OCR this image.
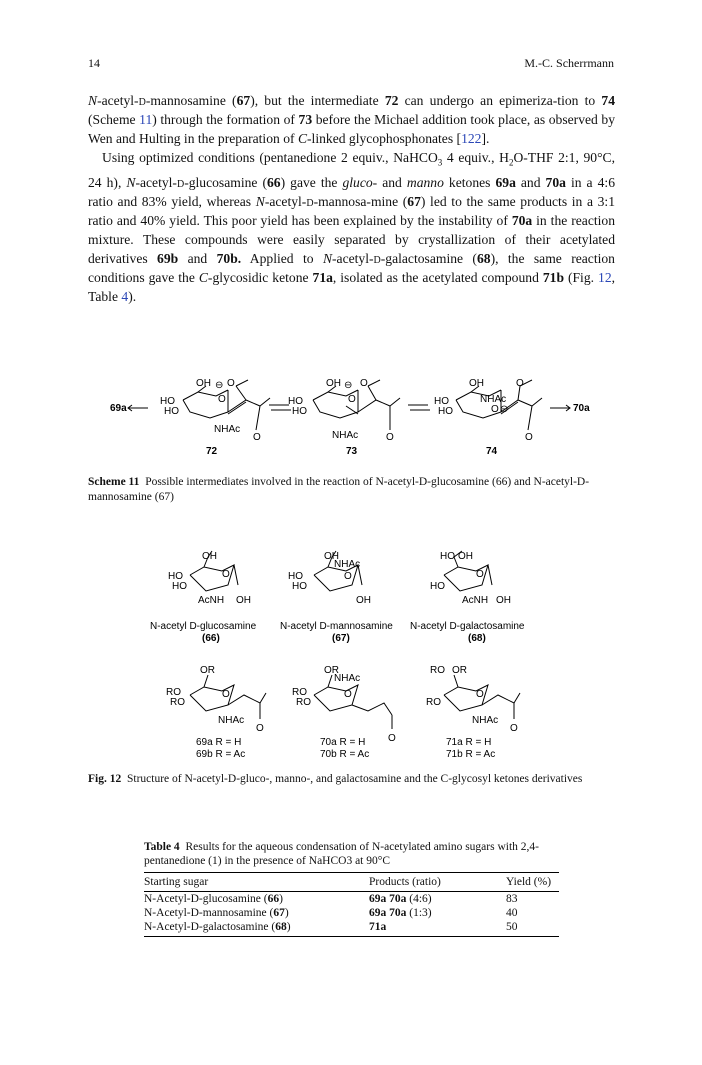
14	M.-C. Scherrmann

N-acetyl-d-mannosamine (67), but the intermediate 72 can undergo an epimeriza-tion to 74 (Scheme 11) through the formation of 73 before the Michael addition took place, as observed by Wen and Hulting in the preparation of C-linked glycophosphonates [122].

Using optimized conditions (pentanedione 2 equiv., NaHCO$_3$ 4 equiv., $H_2O$-THF 2:1, 90°C, 24 h), N-acetyl-d-glucosamine (66) gave the gluco- and manno ketones 69a and 70a in a 4:6 ratio and 83% yield, whereas N-acetyl-d-mannosa-mine (67) led to the same products in a 3:1 ratio and 40% yield. This poor yield has been explained by the instability of 70a in the reaction mixture. These compounds were easily separated by crystallization of their acetylated derivatives 69b and 70b. Applied to N-acetyl-d-galactosamine (68), the same reaction conditions gave the C-glycosidic ketone 71a, isolated as the acetylated compound 71b (Fig. 12, Table 4).

69a	70a
OH
HO
HO
O
⊖ O
NHAc
O
72
OH
HO
HO
O
⊖ O
NHAc	O
73
OH
HO
HO
NHAc
O ⊖
O
O
74
Scheme 11 Possible intermediates involved in the reaction of N-acetyl-D-glucosamine (66) and N-acetyl-D-mannosamine (67)
OH
HO
HO
O
AcNH OH
OH
NHAc
HO
HO
O
OH
HO OH
HO
O
AcNH OH
N-acetyl D-glucosamine
(66)
N-acetyl D-mannosamine
(67)
N-acetyl D-galactosamine
(68)
OR
RO
RO
O
NHAc
O
OR
NHAc
RO
RO
O
O
RO OR
RO
O
NHAc
O
69a R = H
69b R = Ac
70a R = H
70b R = Ac
71a R = H
71b R = Ac
Fig. 12 Structure of N-acetyl-D-gluco-, manno-, and galactosamine and the C-glycosyl ketones derivatives
Table 4 Results for the aqueous condensation of N-acetylated amino sugars with 2,4-pentanedione (1) in the presence of NaHCO3 at 90°C
Starting sugar	Products (ratio)	Yield (%)
N-Acetyl-D-glucosamine (66)	69a 70a (4:6)	83
N-Acetyl-D-mannosamine (67)	69a 70a (1:3)	40
N-Acetyl-D-galactosamine (68)	71a	50
